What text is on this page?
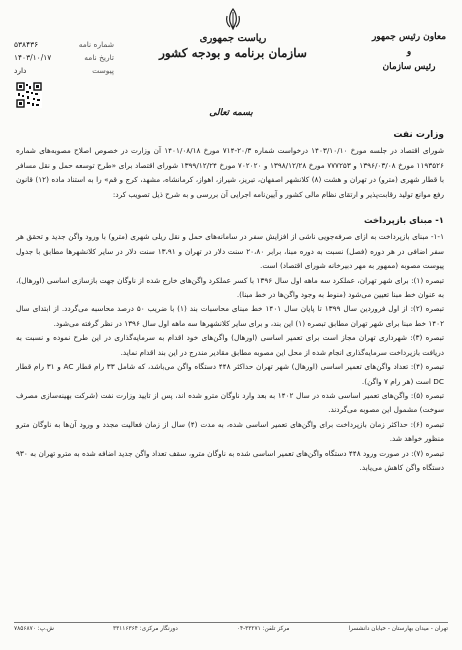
معاون رئیس جمهور
و
رئیس سازمان
ریاست جمهوری
سازمان برنامه و بودجه کشور
شماره نامه
۵۳۸۴۳۶
تاریخ نامه
۱۴۰۳/۱۰/۱۷
پیوست
دارد
بسمه تعالی
وزارت نفت

شورای اقتصاد در جلسه مورخ ۱۴۰۳/۱۰/۱۰ درخواست شماره ۲۰/۳-۷۱۴ مورخ ۱۴۰۱/۰۸/۱۸ آن وزارت در خصوص اصلاح مصوبه‌های شماره ۱۱۹۳۵۲۶ مورخ ۱۳۹۶/۰۳/۰۸ و ۷۷۷۲۵۳ مورخ ۱۳۹۸/۱۲/۲۸ و ۷۰۲۰۲۰ مورخ ۱۳۹۹/۱۲/۲۴ شورای اقتصاد برای «طرح توسعه حمل و نقل مسافر با قطار شهری (مترو) در تهران و هشت (۸) کلانشهر اصفهان، تبریز، شیراز، اهواز، کرمانشاه، مشهد، کرج و قم» را به استناد ماده (۱۲) قانون رفع موانع تولید رقابت‌پذیر و ارتقای نظام مالی کشور و آیین‌نامه اجرایی آن بررسی و به شرح ذیل تصویب کرد:

۱- مبنای بازپرداخت

۱-۱- مبنای بازپرداخت به ازای صرفه‌جویی ناشی از افزایش سفر در سامانه‌های حمل و نقل ریلی شهری (مترو) با ورود واگن جدید و تحقق هر سفر اضافی در هر دوره (فصل) نسبت به دوره مبنا، برابر ۲۰،۸۰ سنت دلار در تهران و ۱۳،۹۱ سنت دلار در سایر کلانشهرها مطابق با جدول پیوست مصوبه (ممهور به مهر دبیرخانه شورای اقتصاد) است.

تبصره (۱): برای شهر تهران، عملکرد سه ماهه اول سال ۱۳۹۶ با کسر عملکرد واگن‌های خارج شده از ناوگان جهت بازسازی اساسی (اورهال)، به عنوان خط مبنا تعیین می‌شود (منوط به وجود واگن‌ها در خط مبنا).

تبصره (۲): از اول فروردین سال ۱۳۹۹ تا پایان سال ۱۴۰۱ خط مبنای محاسبات بند (۱) با ضریب ۵۰ درصد محاسبه می‌گردد. از ابتدای سال ۱۴۰۲ خط مبنا برای شهر تهران مطابق تبصره (۱) این بند، و برای سایر کلانشهرها سه ماهه اول سال ۱۳۹۶ در نظر گرفته می‌شود.

تبصره (۳): شهرداری تهران مجاز است برای تعمیر اساسی (اورهال) واگن‌های خود اقدام به سرمایه‌گذاری در این طرح نموده و نسبت به دریافت بازپرداخت سرمایه‌گذاری انجام شده از محل این مصوبه مطابق مقادیر مندرج در این بند اقدام نماید.

تبصره (۴): تعداد واگن‌های تعمیر اساسی (اورهال) شهر تهران حداکثر ۴۴۸ دستگاه واگن می‌باشد، که شامل ۳۳ رام قطار AC و ۳۱ رام قطار DC است (هر رام ۷ واگن).

تبصره (۵): واگن‌های تعمیر اساسی شده در سال ۱۴۰۲ به بعد وارد ناوگان مترو شده اند، پس از تایید وزارت نفت (شرکت بهینه‌سازی مصرف سوخت) مشمول این مصوبه می‌گردند.

تبصره (۶): حداکثر زمان بازپرداخت برای واگن‌های تعمیر اساسی شده، به مدت (۴) سال از زمان فعالیت مجدد و ورود آن‌ها به ناوگان مترو منظور خواهد شد.

تبصره (۷): در صورت ورود ۴۴۸ دستگاه واگن‌های تعمیر اساسی شده به ناوگان مترو، سقف تعداد واگن جدید اضافه شده به مترو تهران به ۹۳۰ دستگاه واگن کاهش می‌یابد.

تهران - میدان بهارستان - خیابان دانشسرا
مرکز تلفن: ۳۳۲۷۱-۰۴
دورنگار مرکزی: ۳۳۱۱۶۳۶۴
ش.پ: ۷۸۵۶۸۷۰
